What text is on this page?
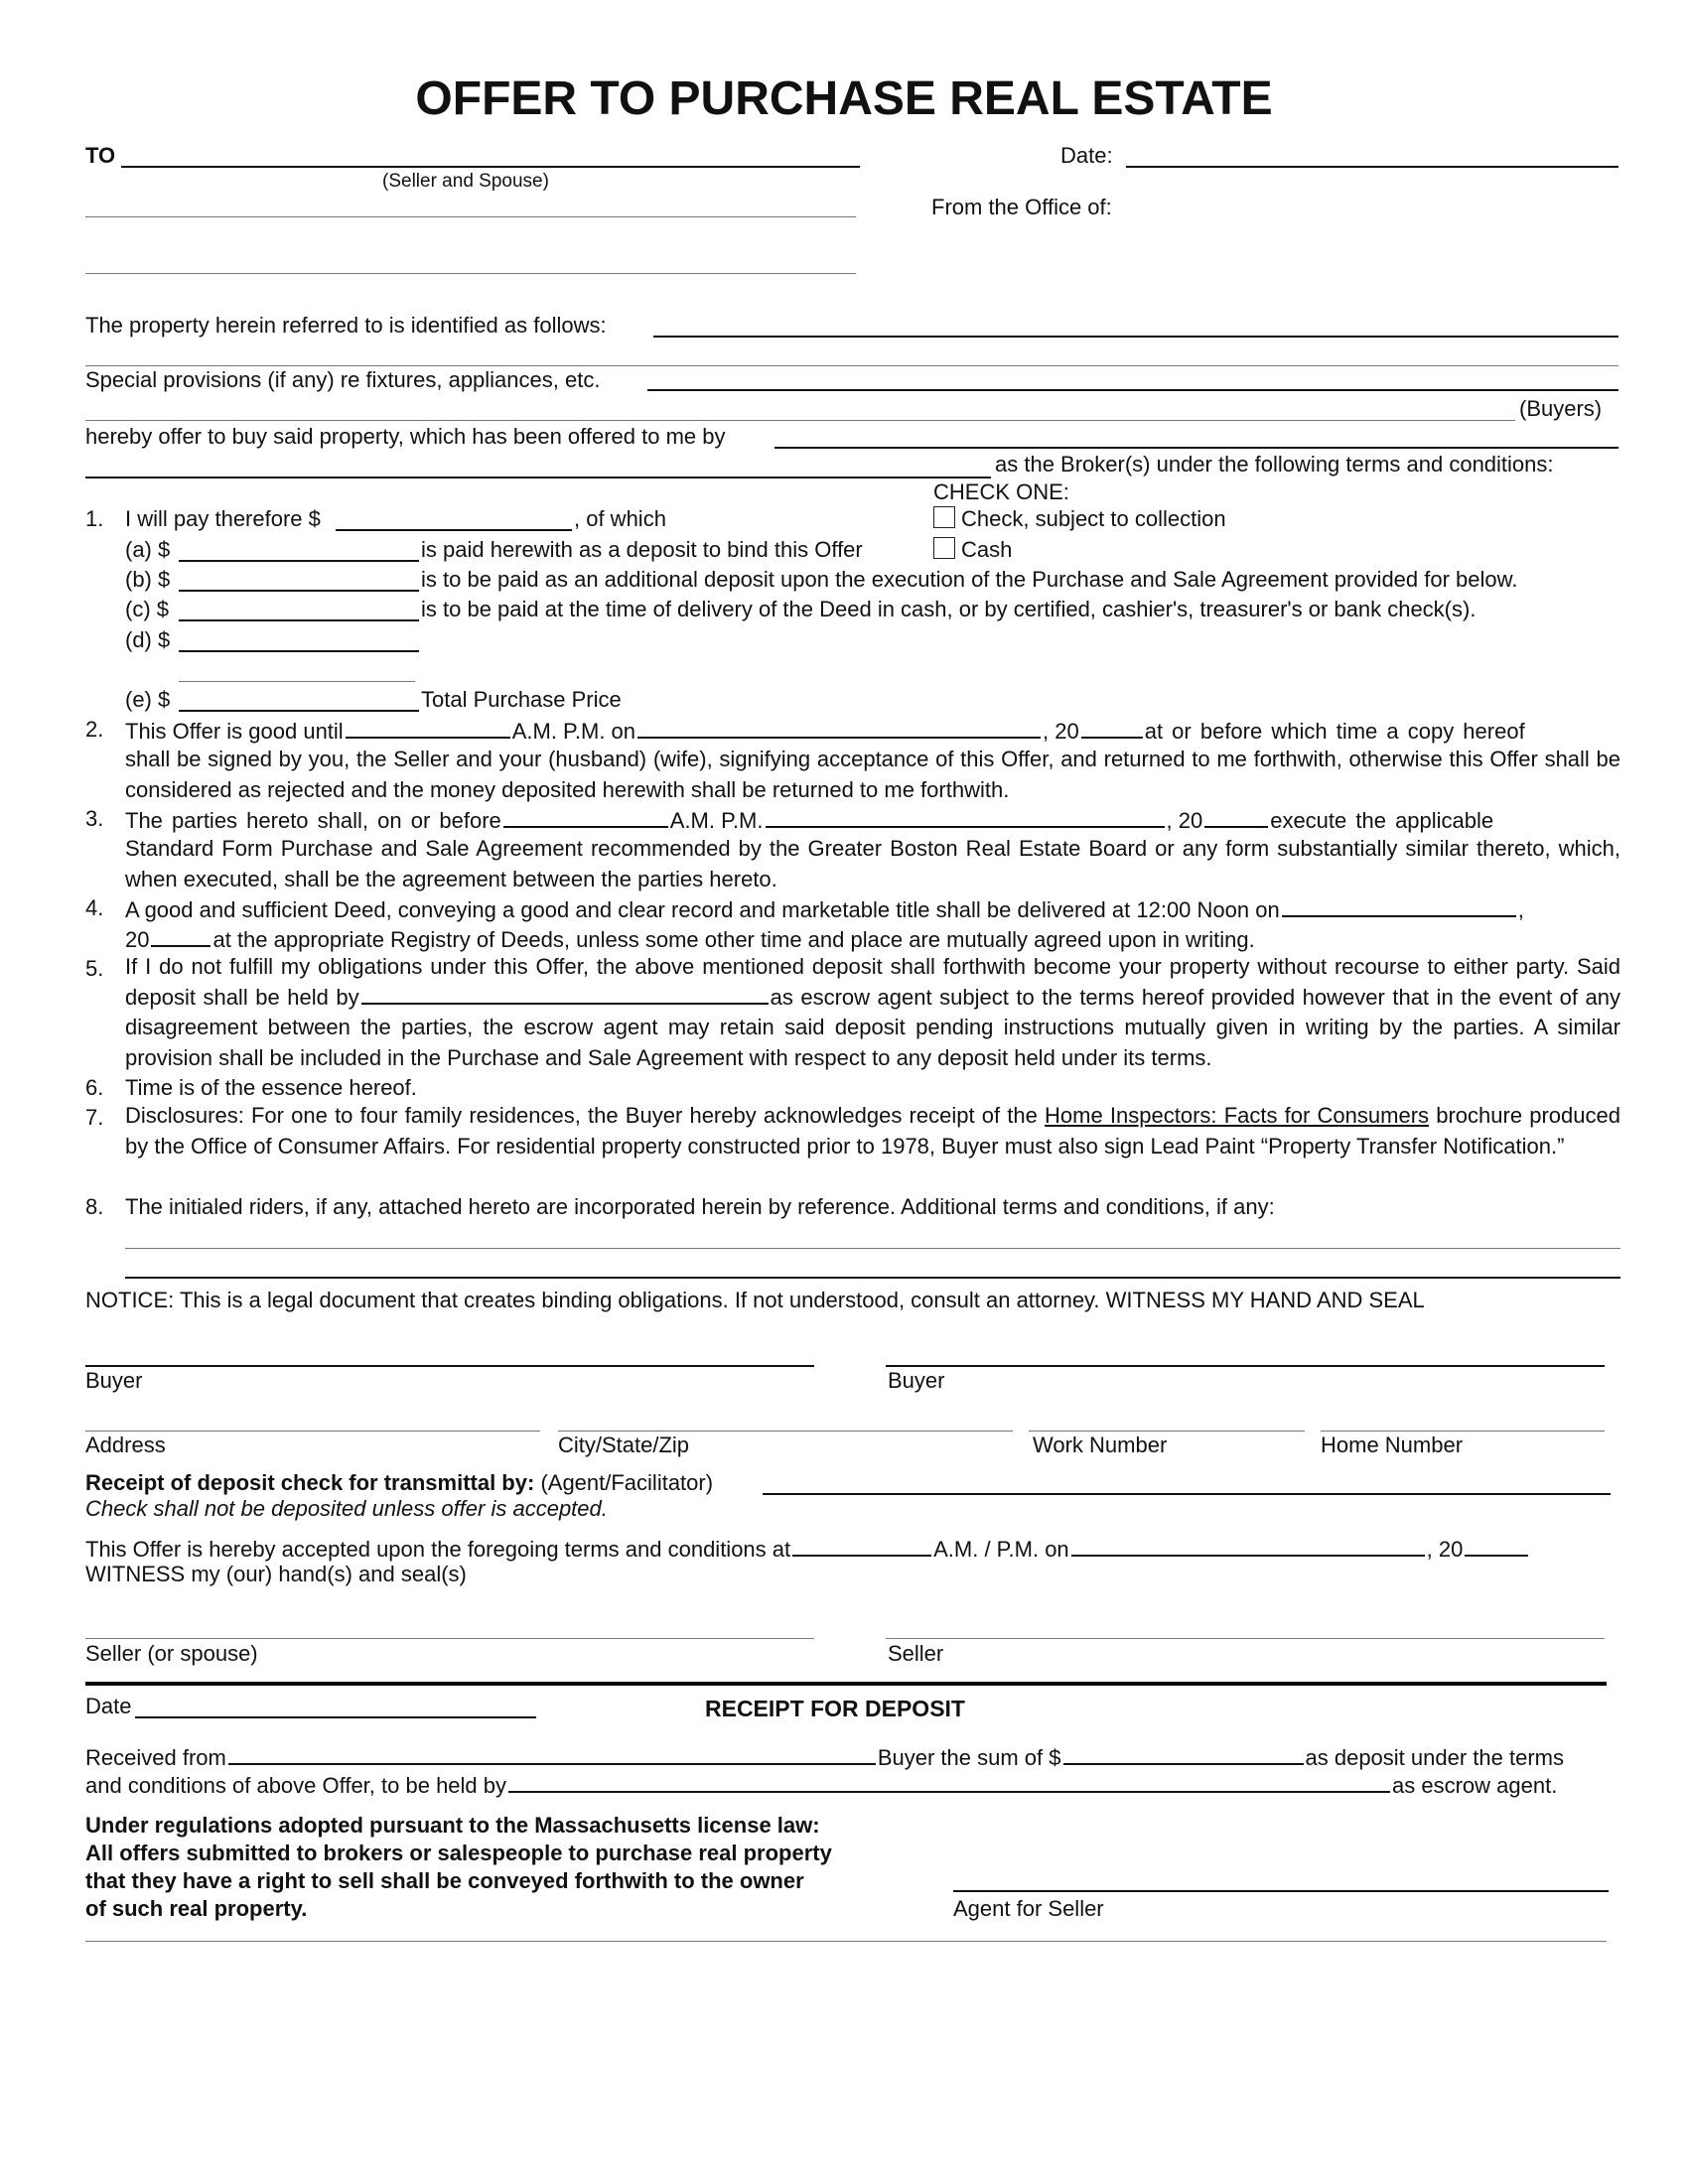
OFFER TO PURCHASE REAL ESTATE
TO
(Seller and Spouse)
Date:
From the Office of:
The property herein referred to is identified as follows:
Special provisions (if any) re fixtures, appliances, etc.
(Buyers)
hereby offer to buy said property, which has been offered to me by
as the Broker(s) under the following terms and conditions:
CHECK ONE:
Check, subject to collection
Cash
1. I will pay therefore $	, of which
(a) $	is paid herewith as a deposit to bind this Offer
(b) $	is to be paid as an additional deposit upon the execution of the Purchase and Sale Agreement provided for below.
(c) $	is to be paid at the time of delivery of the Deed in cash, or by certified, cashier's, treasurer's or bank check(s).
(d) $
(e) $	Total Purchase Price
2. This Offer is good until	A.M. P.M. on	, 20	at or before which time a copy hereof
shall be signed by you, the Seller and your (husband) (wife), signifying acceptance of this Offer, and returned to me forthwith, otherwise this Offer shall be considered as rejected and the money deposited herewith shall be returned to me forthwith.
3. The parties hereto shall, on or before	A.M. P.M.	, 20	execute the applicable
Standard Form Purchase and Sale Agreement recommended by the Greater Boston Real Estate Board or any form substantially similar thereto, which, when executed, shall be the agreement between the parties hereto.
4. A good and sufficient Deed, conveying a good and clear record and marketable title shall be delivered at 12:00 Noon on	,
20	at the appropriate Registry of Deeds, unless some other time and place are mutually agreed upon in writing.
5. If I do not fulfill my obligations under this Offer, the above mentioned deposit shall forthwith become your property without recourse to either party. Said deposit shall be held by	as escrow agent subject to the terms hereof provided however that in the event of any disagreement between the parties, the escrow agent may retain said deposit pending instructions mutually given in writing by the parties. A similar provision shall be included in the Purchase and Sale Agreement with respect to any deposit held under its terms.
6. Time is of the essence hereof.
7. Disclosures: For one to four family residences, the Buyer hereby acknowledges receipt of the Home Inspectors: Facts for Consumers brochure produced by the Office of Consumer Affairs. For residential property constructed prior to 1978, Buyer must also sign Lead Paint “Property Transfer Notification.”
8. The initialed riders, if any, attached hereto are incorporated herein by reference. Additional terms and conditions, if any:
NOTICE: This is a legal document that creates binding obligations. If not understood, consult an attorney. WITNESS MY HAND AND SEAL
Buyer	Buyer
Address	City/State/Zip	Work Number	Home Number
Receipt of deposit check for transmittal by: (Agent/Facilitator)
Check shall not be deposited unless offer is accepted.
This Offer is hereby accepted upon the foregoing terms and conditions at	A.M. / P.M. on	, 20
WITNESS my (our) hand(s) and seal(s)
Seller (or spouse)	Seller
Date	RECEIPT FOR DEPOSIT
Received from	Buyer the sum of $	as deposit under the terms
and conditions of above Offer, to be held by	as escrow agent.
Under regulations adopted pursuant to the Massachusetts license law:
All offers submitted to brokers or salespeople to purchase real property
that they have a right to sell shall be conveyed forthwith to the owner
of such real property.	Agent for Seller
